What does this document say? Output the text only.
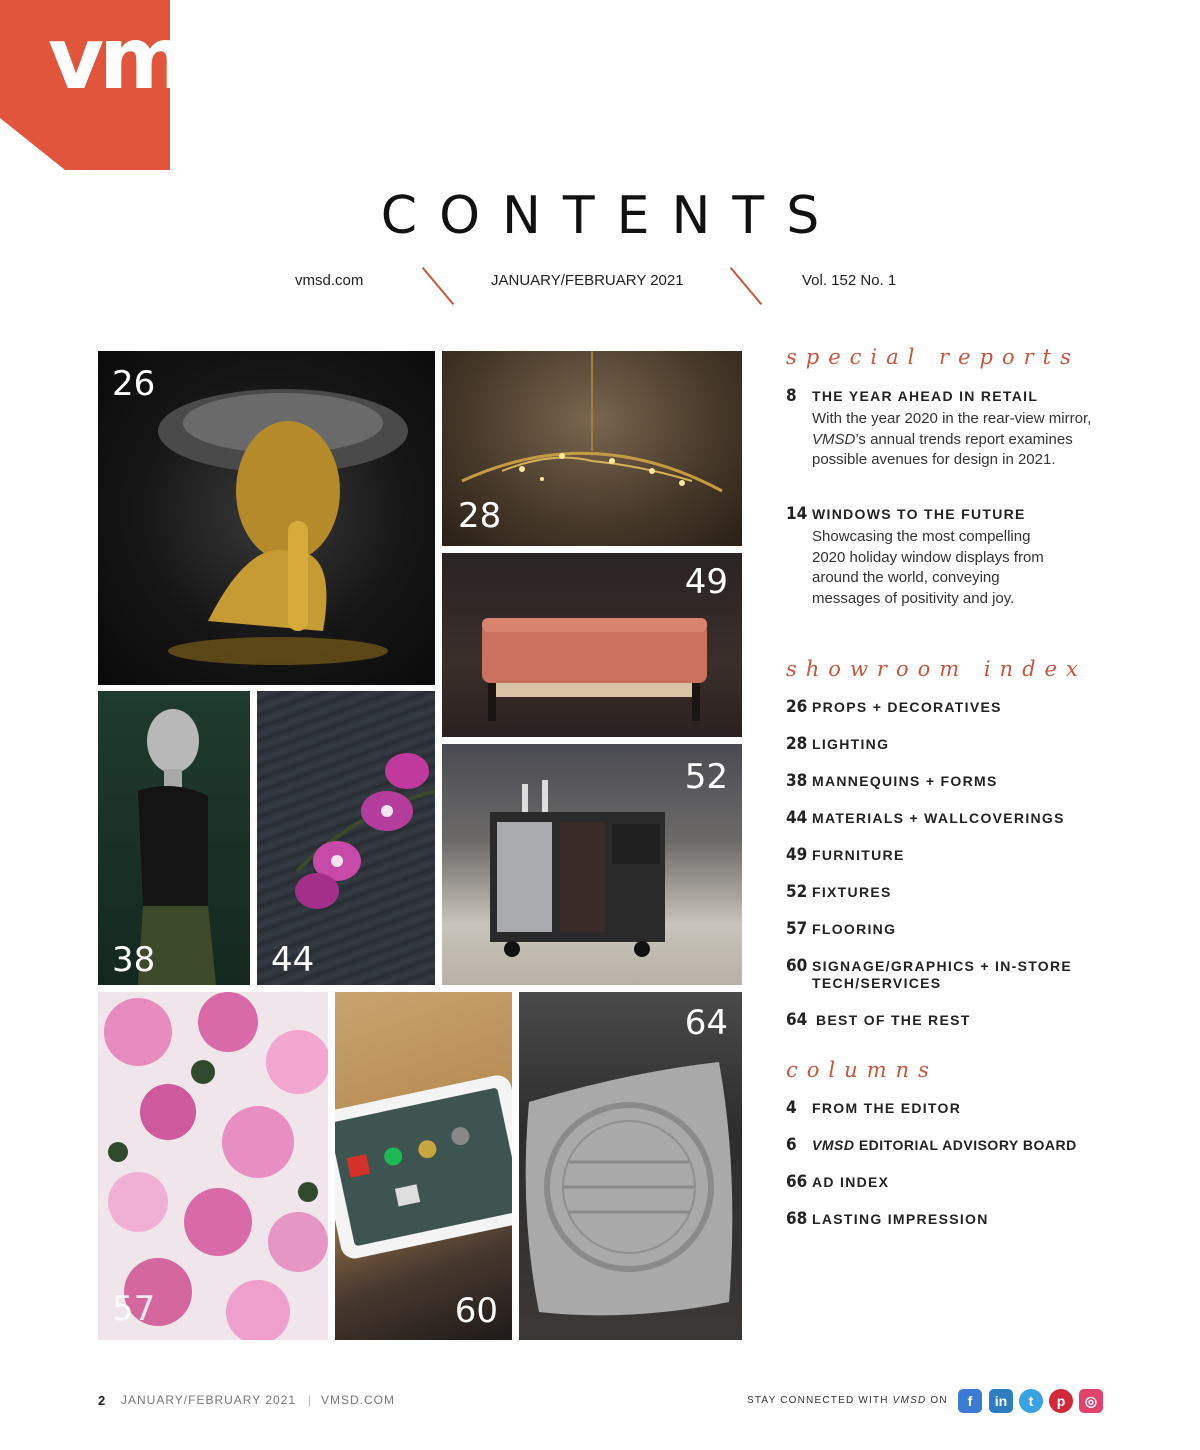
vmsd
CONTENTS
vmsd.com	JANUARY/FEBRUARY 2021	Vol. 152 No. 1
26
28
49
38	44
52
57	60
64
special reports
8 THE YEAR AHEAD IN RETAIL
With the year 2020 in the rear-view mirror, VMSD’s annual trends report examines possible avenues for design in 2021.
14 WINDOWS TO THE FUTURE
Showcasing the most compelling 2020 holiday window displays from around the world, conveying messages of positivity and joy.
showroom index
26 PROPS + DECORATIVES
28 LIGHTING
38 MANNEQUINS + FORMS
44 MATERIALS + WALLCOVERINGS
49 FURNITURE
52 FIXTURES
57 FLOORING
60 SIGNAGE/GRAPHICS + IN-STORE TECH/SERVICES
64 BEST OF THE REST
columns
4 FROM THE EDITOR
6 VMSD EDITORIAL ADVISORY BOARD
66 AD INDEX
68 LASTING IMPRESSION
2 JANUARY/FEBRUARY 2021 | VMSD.COM	STAY CONNECTED WITH VMSD ON	f	in	t	p	◎
